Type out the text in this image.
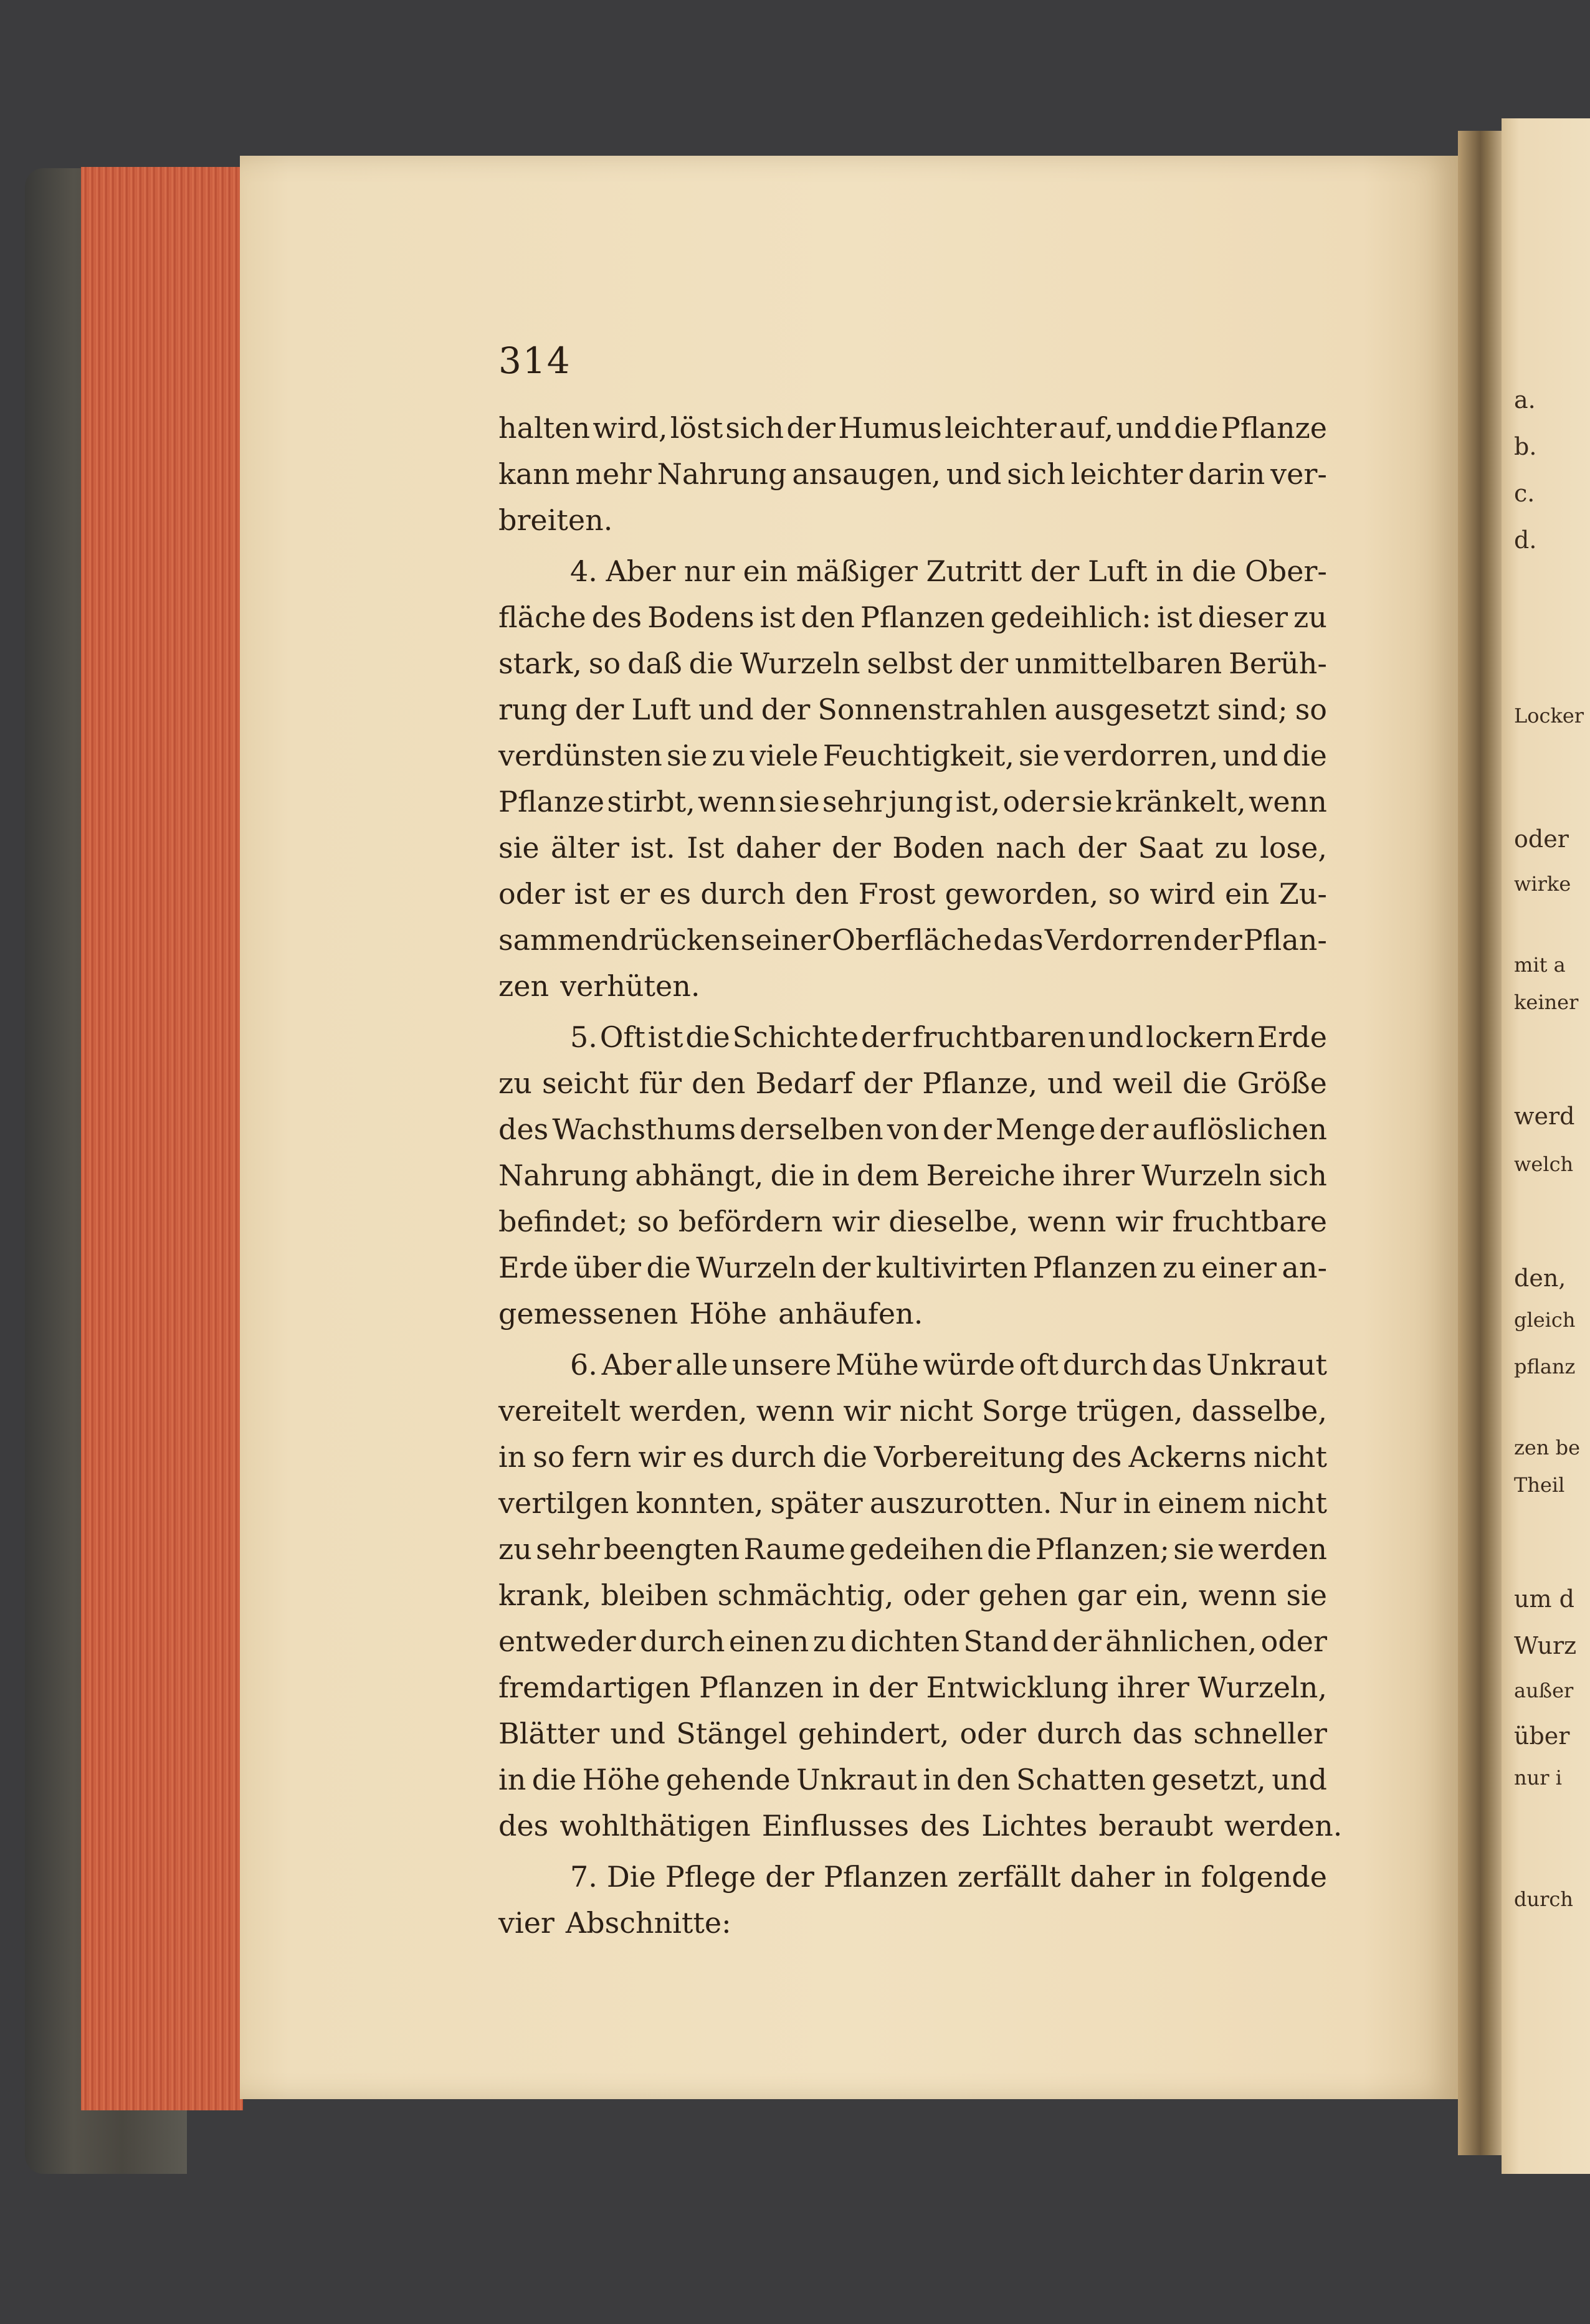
314
halten wird, löst sich der Humus leichter auf, und die Pflanze
kann mehr Nahrung ansaugen, und sich leichter darin ver-
breiten.
4. Aber nur ein mäßiger Zutritt der Luft in die Ober-
fläche des Bodens ist den Pflanzen gedeihlich: ist dieser zu
stark, so daß die Wurzeln selbst der unmittelbaren Berüh-
rung der Luft und der Sonnenstrahlen ausgesetzt sind; so
verdünsten sie zu viele Feuchtigkeit, sie verdorren, und die
Pflanze stirbt, wenn sie sehr jung ist, oder sie kränkelt, wenn
sie älter ist. Ist daher der Boden nach der Saat zu lose,
oder ist er es durch den Frost geworden, so wird ein Zu-
sammendrücken seiner Oberfläche das Verdorren der Pflan-
zen verhüten.
5. Oft ist die Schichte der fruchtbaren und lockern Erde
zu seicht für den Bedarf der Pflanze, und weil die Größe
des Wachsthums derselben von der Menge der auflöslichen
Nahrung abhängt, die in dem Bereiche ihrer Wurzeln sich
befindet; so befördern wir dieselbe, wenn wir fruchtbare
Erde über die Wurzeln der kultivirten Pflanzen zu einer an-
gemessenen Höhe anhäufen.
6. Aber alle unsere Mühe würde oft durch das Unkraut
vereitelt werden, wenn wir nicht Sorge trügen, dasselbe,
in so fern wir es durch die Vorbereitung des Ackerns nicht
vertilgen konnten, später auszurotten. Nur in einem nicht
zu sehr beengten Raume gedeihen die Pflanzen; sie werden
krank, bleiben schmächtig, oder gehen gar ein, wenn sie
entweder durch einen zu dichten Stand der ähnlichen, oder
fremdartigen Pflanzen in der Entwicklung ihrer Wurzeln,
Blätter und Stängel gehindert, oder durch das schneller
in die Höhe gehende Unkraut in den Schatten gesetzt, und
des wohlthätigen Einflusses des Lichtes beraubt werden.
7. Die Pflege der Pflanzen zerfällt daher in folgende
vier Abschnitte:
a.
b.
c.
d.
Locker
oder
wirke
mit a
keiner
werd
welch
den,
gleich
pflanz
zen be
Theil
um d
Wurz
außer
über
nur i
durch
